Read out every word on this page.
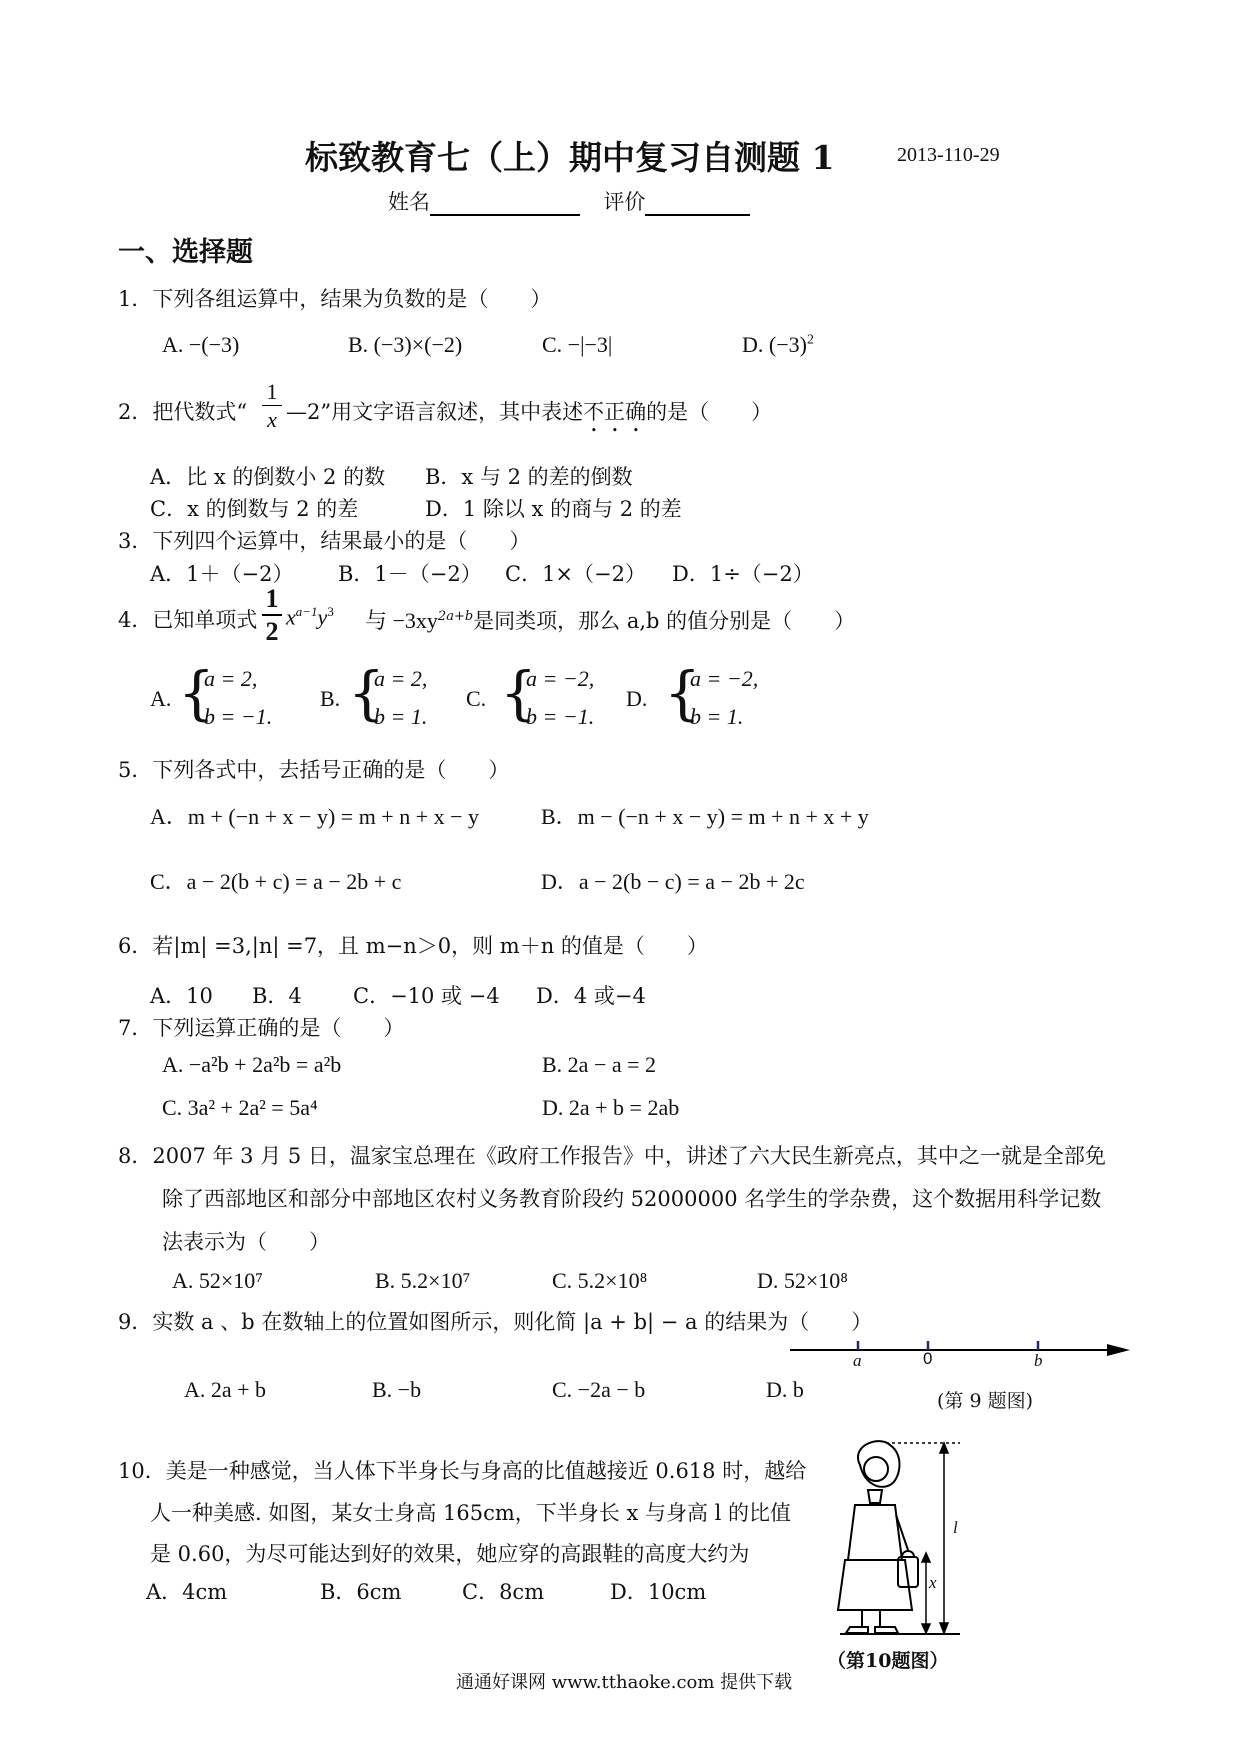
标致教育七（上）期中复习自测题 1	2013-110-29
姓名	评价
一、选择题
1．下列各组运算中，结果为负数的是（　　）
A. −(−3)	B. (−3)×(−2)	C. −|−3|	D. $(-3)^2$
2．把代数式“
1
x —2”用文字语言叙述，其中表述不正确的是（　　）
A．比 x 的倒数小 2 的数 B．x 与 2 的差的倒数
C．x 的倒数与 2 的差	D．1 除以 x 的商与 2 的差
3．下列四个运算中，结果最小的是（　　）
A．1＋（−2） B．1－（−2） C．1×（−2） D．1÷（−2）
4．已知单项式
1
2
$x^{a-1}y^3$ 与 $-3xy^{2a+b}$是同类项，那么 a,b 的值分别是（　　）
A. {
a = 2,
b = −1.
B. {
a = 2,
b = 1.
C. {
a = −2,
b = −1.
D. {
a = −2,
b = 1.
5．下列各式中，去括号正确的是（　　）
A．m + (−n + x − y) = m + n + x − y	B．m − (−n + x − y) = m + n + x + y
C．a − 2(b + c) = a − 2b + c	D．a − 2(b − c) = a − 2b + 2c
6．若|m| =3,|n| =7，且 m−n＞0，则 m＋n 的值是（　　）
A．10 B．4 C．−10 或 −4 D．4 或−4
7．下列运算正确的是（　　）
A. −a²b + 2a²b = a²b	B. 2a − a = 2
C. 3a² + 2a² = 5a⁴	D. 2a + b = 2ab
8．2007 年 3 月 5 日，温家宝总理在《政府工作报告》中，讲述了六大民生新亮点，其中之一就是全部免
除了西部地区和部分中部地区农村义务教育阶段约 52000000 名学生的学杂费，这个数据用科学记数
法表示为（　　）
A. 52×10⁷	B. 5.2×10⁷	C. 5.2×10⁸	D. 52×10⁸
9．实数 a 、b 在数轴上的位置如图所示，则化简 |a + b| − a 的结果为（　　）
A. 2a + b	B. −b	C. −2a − b	D. b
a	0	b
(第 9 题图)
10．美是一种感觉，当人体下半身长与身高的比值越接近 0.618 时，越给
人一种美感. 如图，某女士身高 165cm，下半身长 x 与身高 l 的比值
是 0.60，为尽可能达到好的效果，她应穿的高跟鞋的高度大约为
A．4cm	B．6cm	C．8cm	D．10cm
l
x
（第10题图）
通通好课网 www.tthaoke.com 提供下载
